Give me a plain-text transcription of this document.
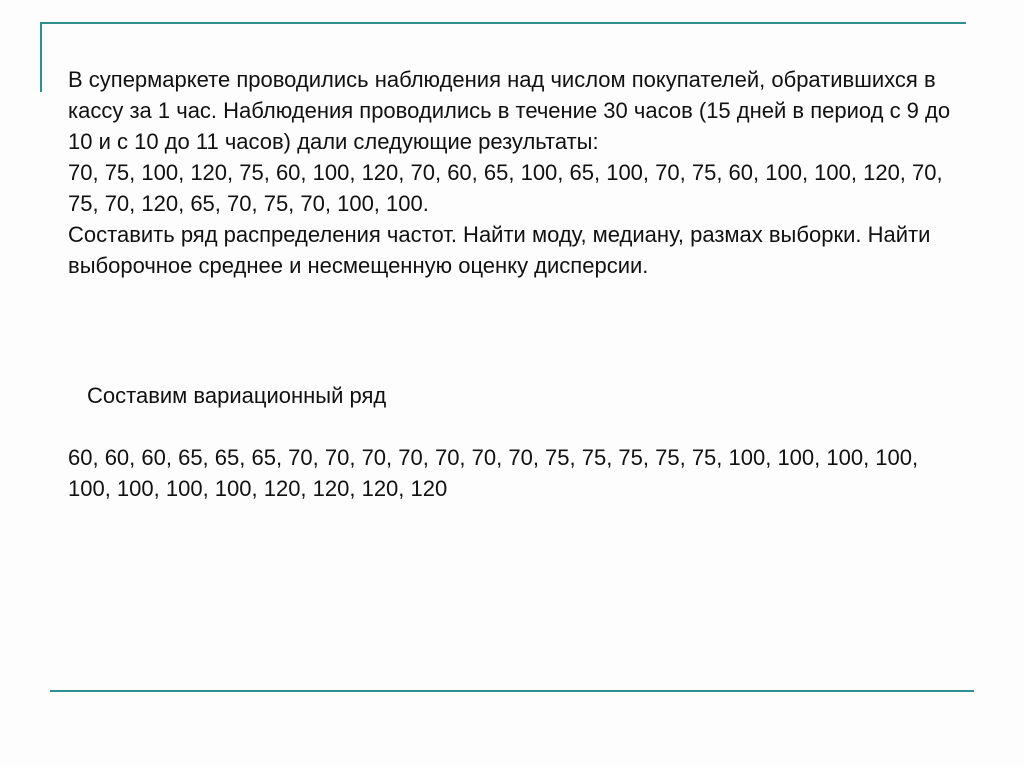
В супермаркете проводились наблюдения над числом покупателей, обратившихся в кассу за 1 час. Наблюдения проводились в течение 30 часов (15 дней в период с 9 до 10 и с 10 до 11 часов) дали следующие результаты:

70, 75, 100, 120, 75, 60, 100, 120, 70, 60, 65, 100, 65, 100, 70, 75, 60, 100, 100, 120, 70, 75, 70, 120, 65, 70, 75, 70, 100, 100.

Составить ряд распределения частот. Найти моду, медиану, размах выборки. Найти выборочное среднее и несмещенную оценку дисперсии.

Составим вариационный ряд
60, 60, 60, 65, 65, 65, 70, 70, 70, 70, 70, 70, 70, 75, 75, 75, 75, 75, 100, 100, 100, 100, 100, 100, 100, 100, 120, 120, 120, 120
